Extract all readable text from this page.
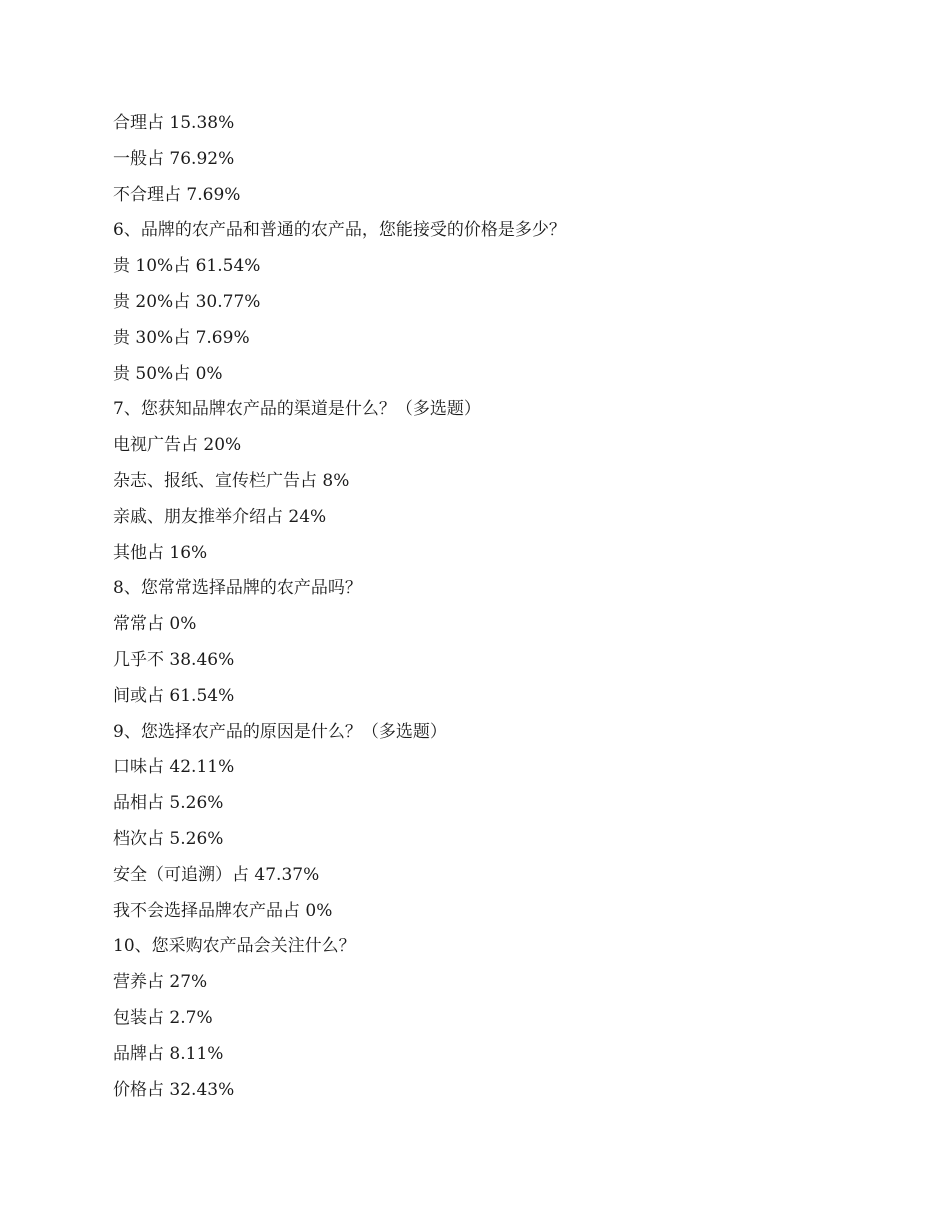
合理占 15.38%
一般占 76.92%
不合理占 7.69%
6、品牌的农产品和普通的农产品，您能接受的价格是多少？
贵 10%占 61.54%
贵 20%占 30.77%
贵 30%占 7.69%
贵 50%占 0%
7、您获知品牌农产品的渠道是什么？（多选题）
电视广告占 20%
杂志、报纸、宣传栏广告占 8%
亲戚、朋友推举介绍占 24%
其他占 16%
8、您常常选择品牌的农产品吗？
常常占 0%
几乎不 38.46%
间或占 61.54%
9、您选择农产品的原因是什么？（多选题）
口味占 42.11%
品相占 5.26%
档次占 5.26%
安全（可追溯）占 47.37%
我不会选择品牌农产品占 0%
10、您采购农产品会关注什么？
营养占 27%
包装占 2.7%
品牌占 8.11%
价格占 32.43%
